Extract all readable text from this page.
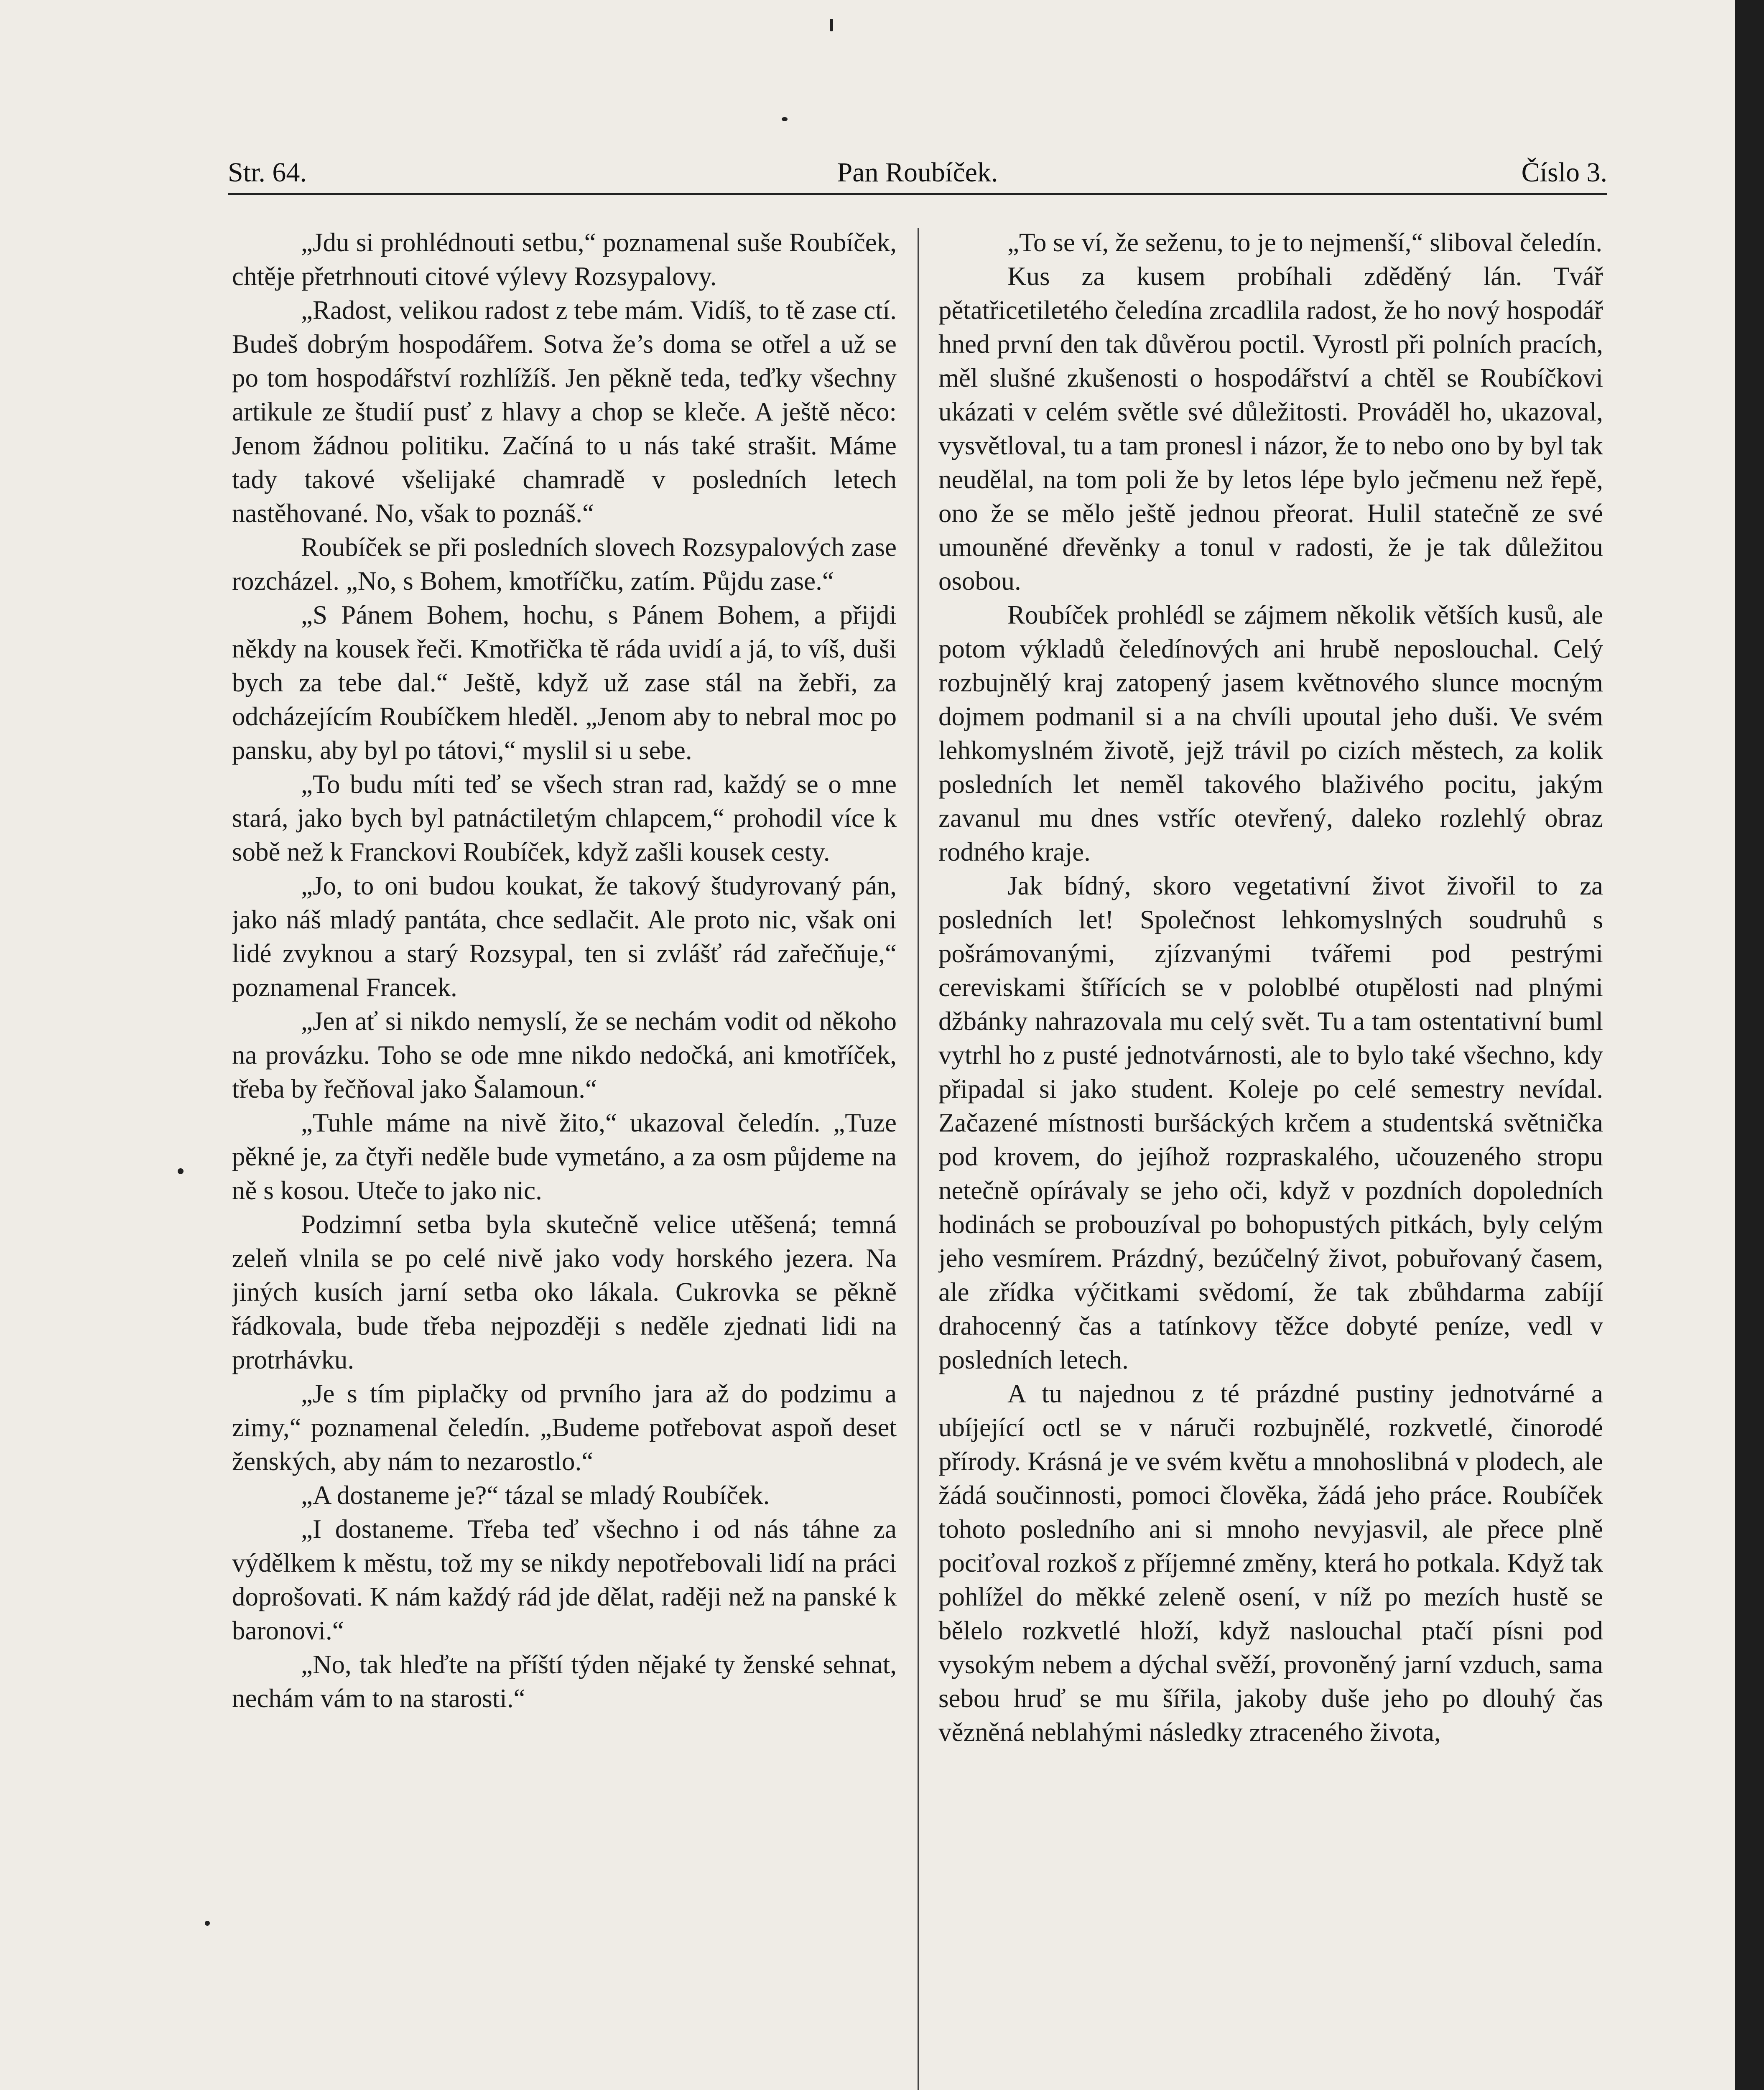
Str. 64.	Pan Roubíček.	Číslo 3.

„Jdu si prohlédnouti setbu,“ poznamenal suše Roubíček, chtěje přetrhnouti citové výlevy Rozsypalovy.

„Radost, velikou radost z tebe mám. Vidíš, to tě zase ctí. Budeš dobrým hospodářem. Sotva že’s doma se otřel a už se po tom hospodářství rozhlížíš. Jen pěkně teda, teďky všechny artikule ze študií pusť z hlavy a chop se kleče. A ještě něco: Jenom žádnou politiku. Začíná to u nás také strašit. Máme tady takové všelijaké chamradě v posledních letech nastěhované. No, však to poznáš.“

Roubíček se při posledních slovech Rozsypalových zase rozcházel. „No, s Bohem, kmotříčku, zatím. Půjdu zase.“

„S Pánem Bohem, hochu, s Pánem Bohem, a přijdi někdy na kousek řeči. Kmotřička tě ráda uvidí a já, to víš, duši bych za tebe dal.“ Ještě, když už zase stál na žebři, za odcházejícím Roubíčkem hleděl. „Jenom aby to nebral moc po pansku, aby byl po tátovi,“ myslil si u sebe.

„To budu míti teď se všech stran rad, každý se o mne stará, jako bych byl patnáctiletým chlapcem,“ prohodil více k sobě než k Franckovi Roubíček, když zašli kousek cesty.

„Jo, to oni budou koukat, že takový študyrovaný pán, jako náš mladý pantáta, chce sedlačit. Ale proto nic, však oni lidé zvyknou a starý Rozsypal, ten si zvlášť rád zařečňuje,“ poznamenal Francek.

„Jen ať si nikdo nemyslí, že se nechám vodit od někoho na provázku. Toho se ode mne nikdo nedočká, ani kmotříček, třeba by řečňoval jako Šalamoun.“

„Tuhle máme na nivě žito,“ ukazoval čeledín. „Tuze pěkné je, za čtyři neděle bude vymetáno, a za osm půjdeme na ně s kosou. Uteče to jako nic.

Podzimní setba byla skutečně velice utěšená; temná zeleň vlnila se po celé nivě jako vody horského jezera. Na jiných kusích jarní setba oko lákala. Cukrovka se pěkně řádkovala, bude třeba nejpozději s neděle zjednati lidi na protrhávku.

„Je s tím piplačky od prvního jara až do podzimu a zimy,“ poznamenal čeledín. „Budeme potřebovat aspoň deset ženských, aby nám to nezarostlo.“

„A dostaneme je?“ tázal se mladý Roubíček.

„I dostaneme. Třeba teď všechno i od nás táhne za výdělkem k městu, tož my se nikdy nepotřebovali lidí na práci doprošovati. K nám každý rád jde dělat, raději než na panské k baronovi.“

„No, tak hleďte na příští týden nějaké ty ženské sehnat, nechám vám to na starosti.“

„To se ví, že seženu, to je to nejmenší,“ sliboval čeledín.

Kus za kusem probíhali zděděný lán. Tvář pětatřicetiletého čeledína zrcadlila radost, že ho nový hospodář hned první den tak důvěrou poctil. Vyrostl při polních pracích, měl slušné zkušenosti o hospodářství a chtěl se Roubíčkovi ukázati v celém světle své důležitosti. Prováděl ho, ukazoval, vysvětloval, tu a tam pronesl i názor, že to nebo ono by byl tak neudělal, na tom poli že by letos lépe bylo ječmenu než řepě, ono že se mělo ještě jednou přeorat. Hulil statečně ze své umouněné dřevěnky a tonul v radosti, že je tak důležitou osobou.

Roubíček prohlédl se zájmem několik větších kusů, ale potom výkladů čeledínových ani hrubě neposlouchal. Celý rozbujnělý kraj zatopený jasem květnového slunce mocným dojmem podmanil si a na chvíli upoutal jeho duši. Ve svém lehkomyslném životě, jejž trávil po cizích městech, za kolik posledních let neměl takového blaživého pocitu, jakým zavanul mu dnes vstříc otevřený, daleko rozlehlý obraz rodného kraje.

Jak bídný, skoro vegetativní život živořil to za posledních let! Společnost lehkomyslných soudruhů s pošrámovanými, zjízvanými tvářemi pod pestrými cereviskami štířících se v poloblbé otupělosti nad plnými džbánky nahrazovala mu celý svět. Tu a tam ostentativní buml vytrhl ho z pusté jednotvárnosti, ale to bylo také všechno, kdy připadal si jako student. Koleje po celé semestry nevídal. Začazené místnosti buršáckých krčem a studentská světnička pod krovem, do jejíhož rozpraskalého, učouzeného stropu netečně opírávaly se jeho oči, když v pozdních dopoledních hodinách se probouzíval po bohopustých pitkách, byly celým jeho vesmírem. Prázdný, bezúčelný život, pobuřovaný časem, ale zřídka výčitkami svědomí, že tak zbůhdarma zabíjí drahocenný čas a tatínkovy těžce dobyté peníze, vedl v posledních letech.

A tu najednou z té prázdné pustiny jednotvárné a ubíjející octl se v náruči rozbujnělé, rozkvetlé, činorodé přírody. Krásná je ve svém květu a mnohoslibná v plodech, ale žádá součinnosti, pomoci člověka, žádá jeho práce. Roubíček tohoto posledního ani si mnoho nevyjasvil, ale přece plně pociťoval rozkoš z příjemné změny, která ho potkala. Když tak pohlížel do měkké zeleně osení, v níž po mezích hustě se bělelo rozkvetlé hloží, když naslouchal ptačí písni pod vysokým nebem a dýchal svěží, provoněný jarní vzduch, sama sebou hruď se mu šířila, jakoby duše jeho po dlouhý čas vězněná neblahými následky ztraceného života,
